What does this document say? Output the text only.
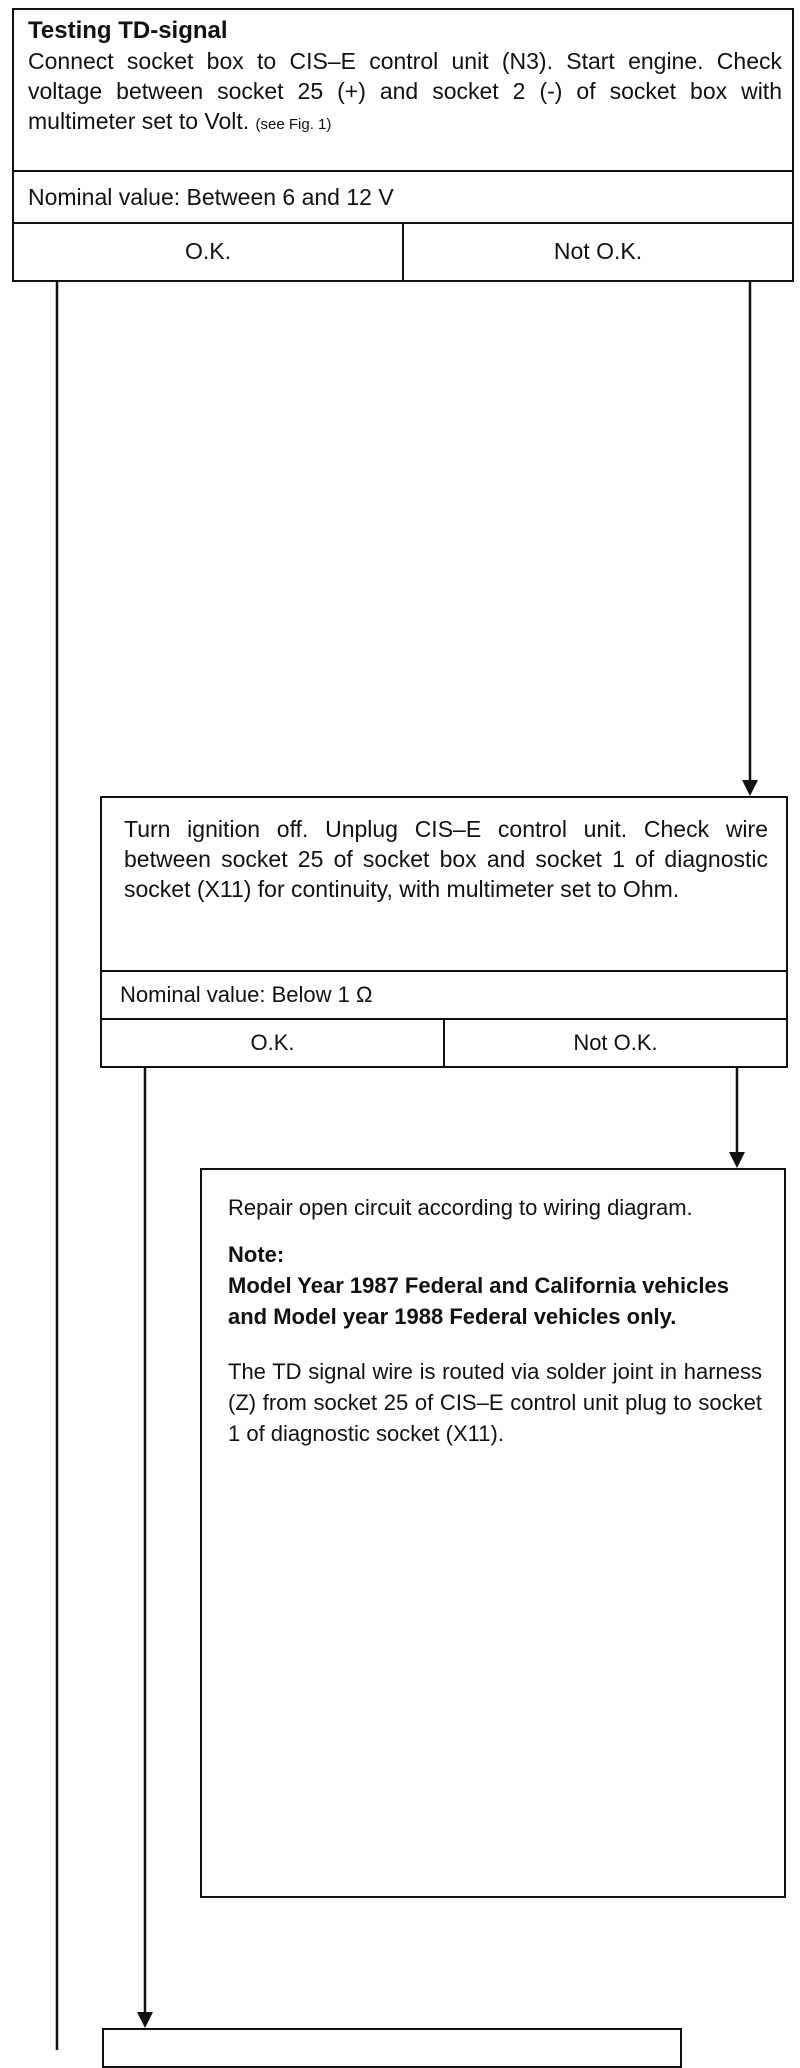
Testing TD-signal
Connect socket box to CIS–E control unit (N3). Start engine. Check voltage between socket 25 (+) and socket 2 (-) of socket box with multimeter set to Volt. (see Fig. 1)
Nominal value: Between 6 and 12 V
O.K.	Not O.K.
Turn ignition off. Unplug CIS–E control unit. Check wire between socket 25 of socket box and socket 1 of diagnostic socket (X11) for continuity, with multimeter set to Ohm.
Nominal value: Below 1 Ω
O.K.	Not O.K.

Repair open circuit according to wiring diagram.

Note:

Model Year 1987 Federal and California vehicles and Model year 1988 Federal vehicles only.

The TD signal wire is routed via solder joint in harness (Z) from socket 25 of CIS–E control unit plug to socket 1 of diagnostic socket (X11).
